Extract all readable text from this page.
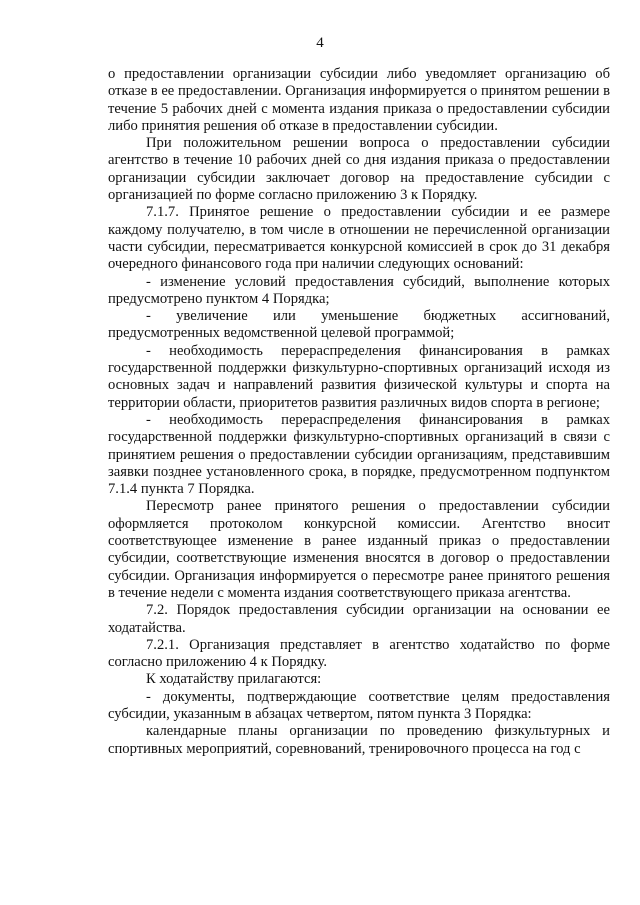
4

о предоставлении организации субсидии либо уведомляет организацию об отказе в ее предоставлении. Организация информируется о принятом решении в течение 5 рабочих дней с момента издания приказа о предоставлении субсидии либо принятия решения об отказе в предоставлении субсидии.

При положительном решении вопроса о предоставлении субсидии агентство в течение 10 рабочих дней со дня издания приказа о предоставлении организации субсидии заключает договор на предоставление субсидии с организацией по форме согласно приложению 3 к Порядку.

7.1.7. Принятое решение о предоставлении субсидии и ее размере каждому получателю, в том числе в отношении не перечисленной организации части субсидии, пересматривается конкурсной комиссией в срок до 31 декабря очередного финансового года при наличии следующих оснований:

- изменение условий предоставления субсидий, выполнение которых предусмотрено пунктом 4 Порядка;

- увеличение или уменьшение бюджетных ассигнований, предусмотренных ведомственной целевой программой;

- необходимость перераспределения финансирования в рамках государственной поддержки физкультурно-спортивных организаций исходя из основных задач и направлений развития физической культуры и спорта на территории области, приоритетов развития различных видов спорта в регионе;

- необходимость перераспределения финансирования в рамках государственной поддержки физкультурно-спортивных организаций в связи с принятием решения о предоставлении субсидии организациям, представившим заявки позднее установленного срока, в порядке, предусмотренном подпунктом 7.1.4 пункта 7 Порядка.

Пересмотр ранее принятого решения о предоставлении субсидии оформляется протоколом конкурсной комиссии. Агентство вносит соответствующее изменение в ранее изданный приказ о предоставлении субсидии, соответствующие изменения вносятся в договор о предоставлении субсидии. Организация информируется о пересмотре ранее принятого решения в течение недели с момента издания соответствующего приказа агентства.

7.2. Порядок предоставления субсидии организации на основании ее ходатайства.

7.2.1. Организация представляет в агентство ходатайство по форме согласно приложению 4 к Порядку.

К ходатайству прилагаются:

- документы, подтверждающие соответствие целям предоставления субсидии, указанным в абзацах четвертом, пятом пункта 3 Порядка:

календарные планы организации по проведению физкультурных и спортивных мероприятий, соревнований, тренировочного процесса на год с
